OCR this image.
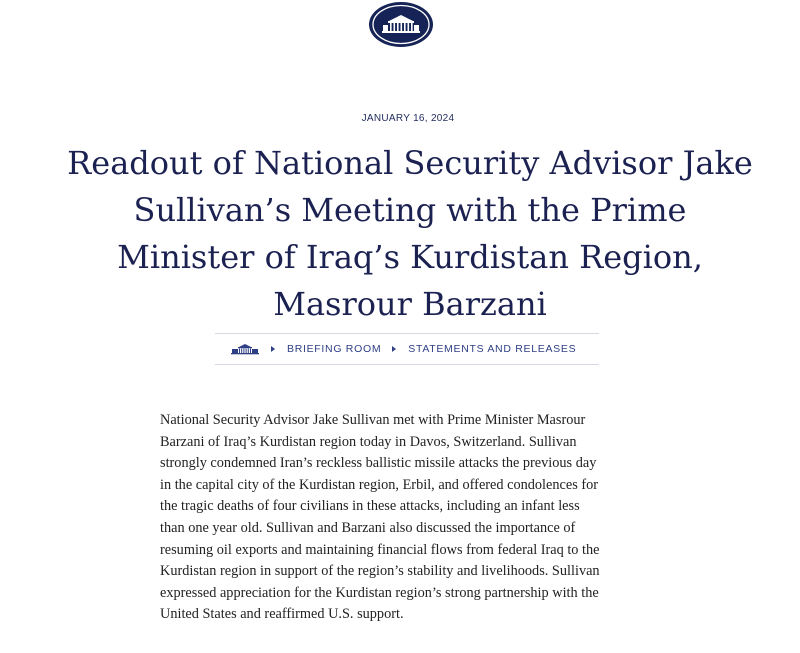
JANUARY 16, 2024
Readout of National Security Advisor Jake Sullivan’s Meeting with the Prime Minister of Iraq’s Kurdistan Region, Masrour Barzani
BRIEFING ROOM	STATEMENTS AND RELEASES

National Security Advisor Jake Sullivan met with Prime Minister Masrour
Barzani of Iraq’s Kurdistan region today in Davos, Switzerland. Sullivan
strongly condemned Iran’s reckless ballistic missile attacks the previous day
in the capital city of the Kurdistan region, Erbil, and offered condolences for
the tragic deaths of four civilians in these attacks, including an infant less
than one year old. Sullivan and Barzani also discussed the importance of
resuming oil exports and maintaining financial flows from federal Iraq to the
Kurdistan region in support of the region’s stability and livelihoods. Sullivan
expressed appreciation for the Kurdistan region’s strong partnership with the
United States and reaffirmed U.S. support.
